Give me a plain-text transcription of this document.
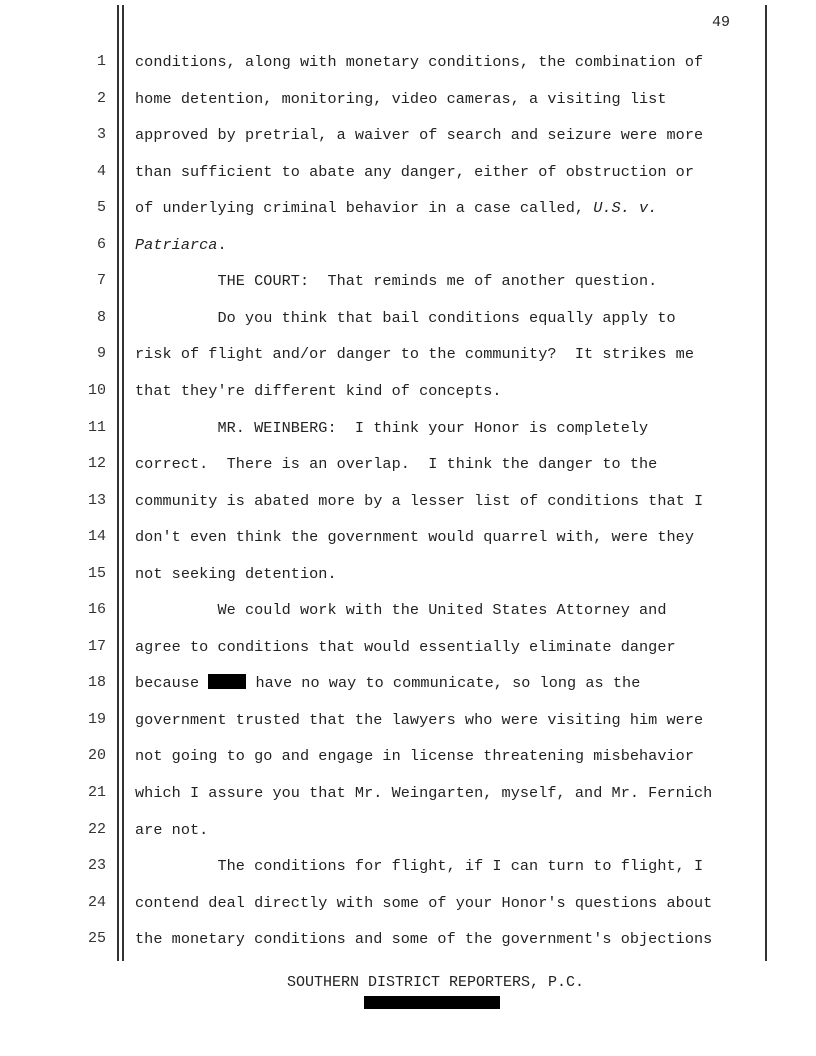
49
1
2
3
4
5
6
7
8
9
10
11
12
13
14
15
16
17
18
19
20
21
22
23
24
25
conditions, along with monetary conditions, the combination of
home detention, monitoring, video cameras, a visiting list
approved by pretrial, a waiver of search and seizure were more
than sufficient to abate any danger, either of obstruction or
of underlying criminal behavior in a case called, U.S. v.
Patriarca.
THE COURT:  That reminds me of another question.
Do you think that bail conditions equally apply to
risk of flight and/or danger to the community?  It strikes me
that they're different kind of concepts.
MR. WEINBERG:  I think your Honor is completely
correct.  There is an overlap.  I think the danger to the
community is abated more by a lesser list of conditions that I
don't even think the government would quarrel with, were they
not seeking detention.
We could work with the United States Attorney and
agree to conditions that would essentially eliminate danger
because	have no way to communicate, so long as the
government trusted that the lawyers who were visiting him were
not going to go and engage in license threatening misbehavior
which I assure you that Mr. Weingarten, myself, and Mr. Fernich
are not.
The conditions for flight, if I can turn to flight, I
contend deal directly with some of your Honor's questions about
the monetary conditions and some of the government's objections
SOUTHERN DISTRICT REPORTERS, P.C.
